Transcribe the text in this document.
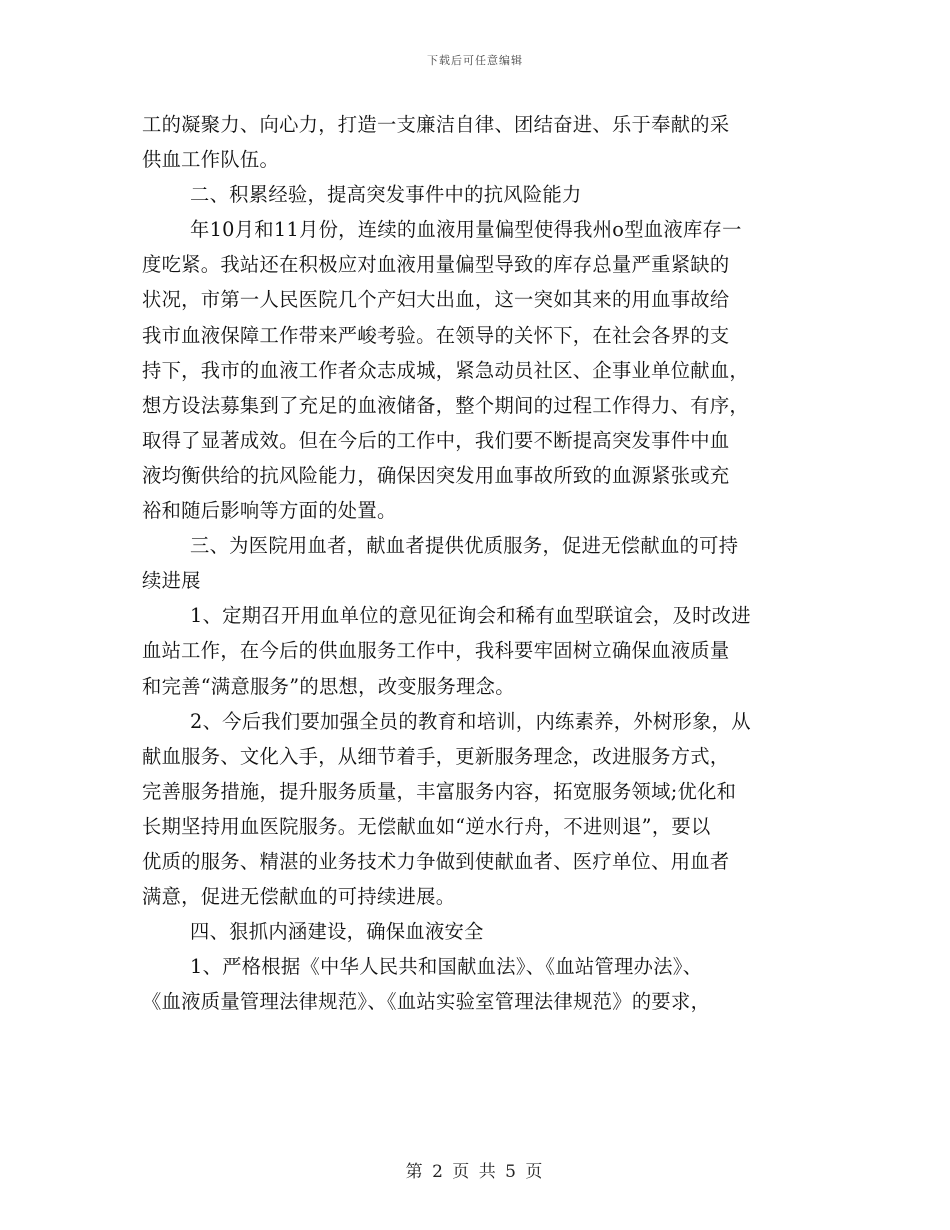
下载后可任意编辑
工的凝聚力、向心力，打造一支廉洁自律、团结奋进、乐于奉献的采
供血工作队伍。
二、积累经验，提高突发事件中的抗风险能力
年10月和11月份，连续的血液用量偏型使得我州o型血液库存一
度吃紧。我站还在积极应对血液用量偏型导致的库存总量严重紧缺的
状况，市第一人民医院几个产妇大出血，这一突如其来的用血事故给
我市血液保障工作带来严峻考验。在领导的关怀下，在社会各界的支
持下，我市的血液工作者众志成城，紧急动员社区、企事业单位献血，
想方设法募集到了充足的血液储备，整个期间的过程工作得力、有序，
取得了显著成效。但在今后的工作中，我们要不断提高突发事件中血
液均衡供给的抗风险能力，确保因突发用血事故所致的血源紧张或充
裕和随后影响等方面的处置。
三、为医院用血者，献血者提供优质服务，促进无偿献血的可持
续进展
1、定期召开用血单位的意见征询会和稀有血型联谊会，及时改进
血站工作，在今后的供血服务工作中，我科要牢固树立确保血液质量
和完善“满意服务”的思想，改变服务理念。
2、今后我们要加强全员的教育和培训，内练素养，外树形象，从
献血服务、文化入手，从细节着手，更新服务理念，改进服务方式，
完善服务措施，提升服务质量，丰富服务内容，拓宽服务领域;优化和
长期坚持用血医院服务。无偿献血如“逆水行舟，不进则退”，要以
优质的服务、精湛的业务技术力争做到使献血者、医疗单位、用血者
满意，促进无偿献血的可持续进展。
四、狠抓内涵建设，确保血液安全
1、严格根据《中华人民共和国献血法》、《血站管理办法》、
《血液质量管理法律规范》、《血站实验室管理法律规范》的要求，
第 2 页 共 5 页
